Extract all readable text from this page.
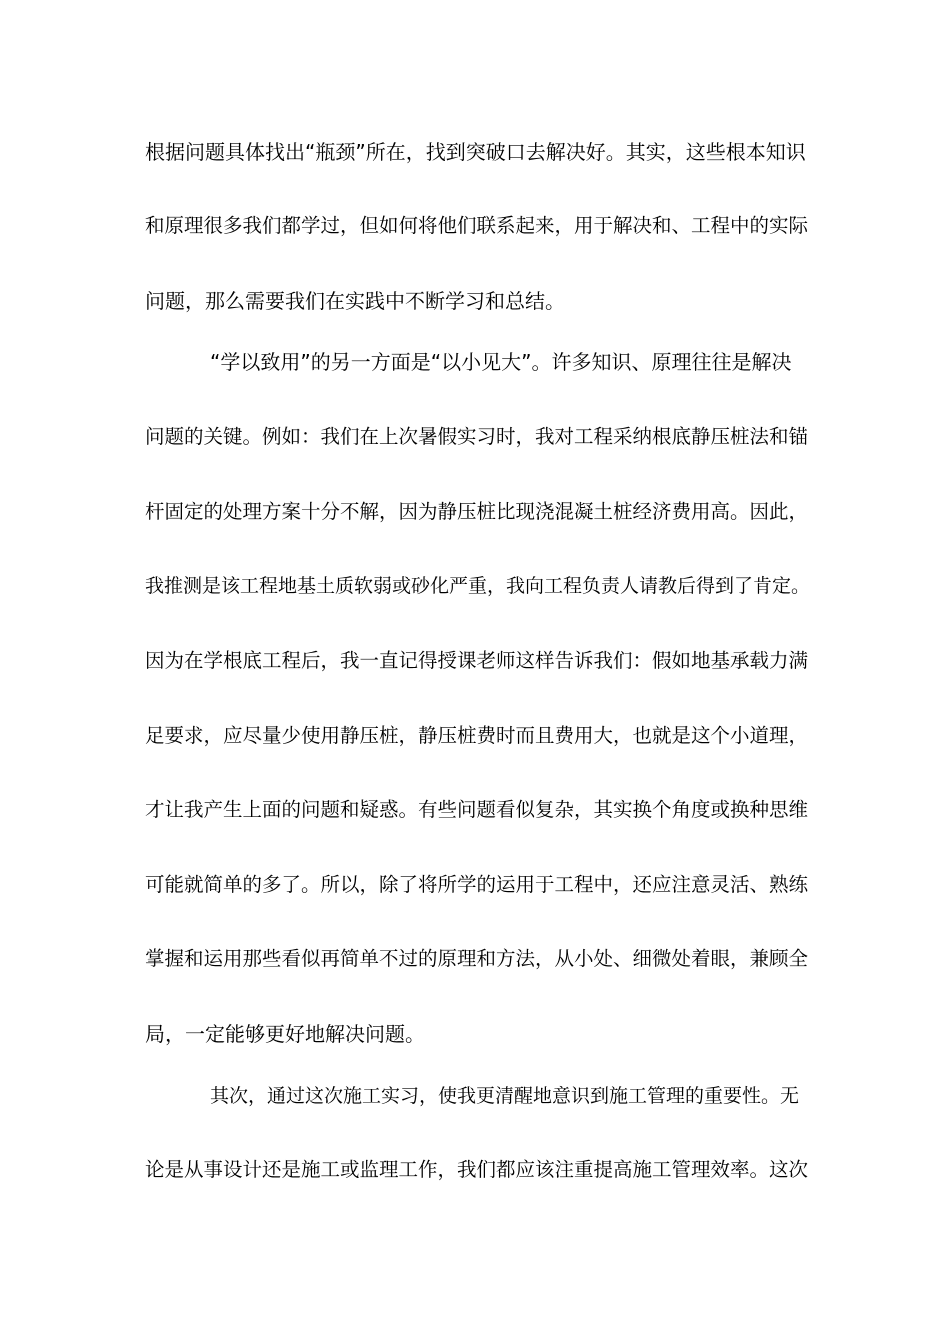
根据问题具体找出“瓶颈”所在，找到突破口去解决好。其实，这些根本知识
和原理很多我们都学过，但如何将他们联系起来，用于解决和、工程中的实际
问题，那么需要我们在实践中不断学习和总结。
“学以致用”的另一方面是“以小见大”。许多知识、原理往往是解决
问题的关键。例如：我们在上次暑假实习时，我对工程采纳根底静压桩法和锚
杆固定的处理方案十分不解，因为静压桩比现浇混凝土桩经济费用高。因此，
我推测是该工程地基土质软弱或砂化严重，我向工程负责人请教后得到了肯定。
因为在学根底工程后，我一直记得授课老师这样告诉我们：假如地基承载力满
足要求，应尽量少使用静压桩，静压桩费时而且费用大，也就是这个小道理，
才让我产生上面的问题和疑惑。有些问题看似复杂，其实换个角度或换种思维
可能就简单的多了。所以，除了将所学的运用于工程中，还应注意灵活、熟练
掌握和运用那些看似再简单不过的原理和方法，从小处、细微处着眼，兼顾全
局，一定能够更好地解决问题。
其次，通过这次施工实习，使我更清醒地意识到施工管理的重要性。无
论是从事设计还是施工或监理工作，我们都应该注重提高施工管理效率。这次
